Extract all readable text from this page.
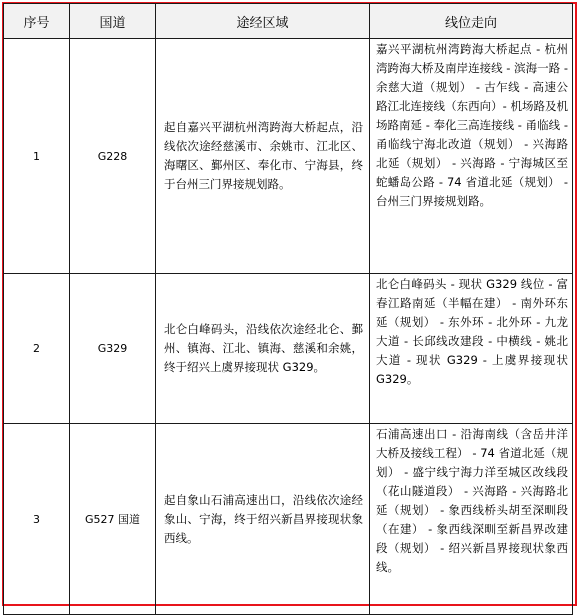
序号	国道	途经区域	线位走向
1	G228	起自嘉兴平湖杭州湾跨海大桥起点，沿线依次途经慈溪市、余姚市、江北区、海曙区、鄞州区、奉化市、宁海县，终于台州三门界接规划路。	嘉兴平湖杭州湾跨海大桥起点 - 杭州湾跨海大桥及南岸连接线 - 滨海一路 - 余慈大道（规划） - 古乍线 - 高速公路江北连接线（东西向）- 机场路及机场路南延 - 奉化三高连接线 - 甬临线 - 甬临线宁海北改道（规划） - 兴海路北延（规划） - 兴海路 - 宁海城区至蛇蟠岛公路 - 74 省道北延（规划） - 台州三门界接规划路。
2	G329	北仑白峰码头，沿线依次途经北仑、鄞州、镇海、江北、镇海、慈溪和余姚，终于绍兴上虞界接现状 G329。	北仑白峰码头 - 现状 G329 线位 - 富春江路南延（半幅在建） - 南外环东延（规划） - 东外环 - 北外环 - 九龙大道 - 长邱线改建段 - 中横线 - 姚北大道 - 现状 G329 - 上虞界接现状 G329。
3	G527 国道	起自象山石浦高速出口，沿线依次途经象山、宁海，终于绍兴新昌界接现状象西线。	石浦高速出口 - 沿海南线（含岳井洋大桥及接线工程） - 74 省道北延（规划） - 盛宁线宁海力洋至城区改线段（花山隧道段） - 兴海路 - 兴海路北延（规划） - 象西线桥头胡至深甽段（在建） - 象西线深甽至新昌界改建段（规划） - 绍兴新昌界接现状象西线。
